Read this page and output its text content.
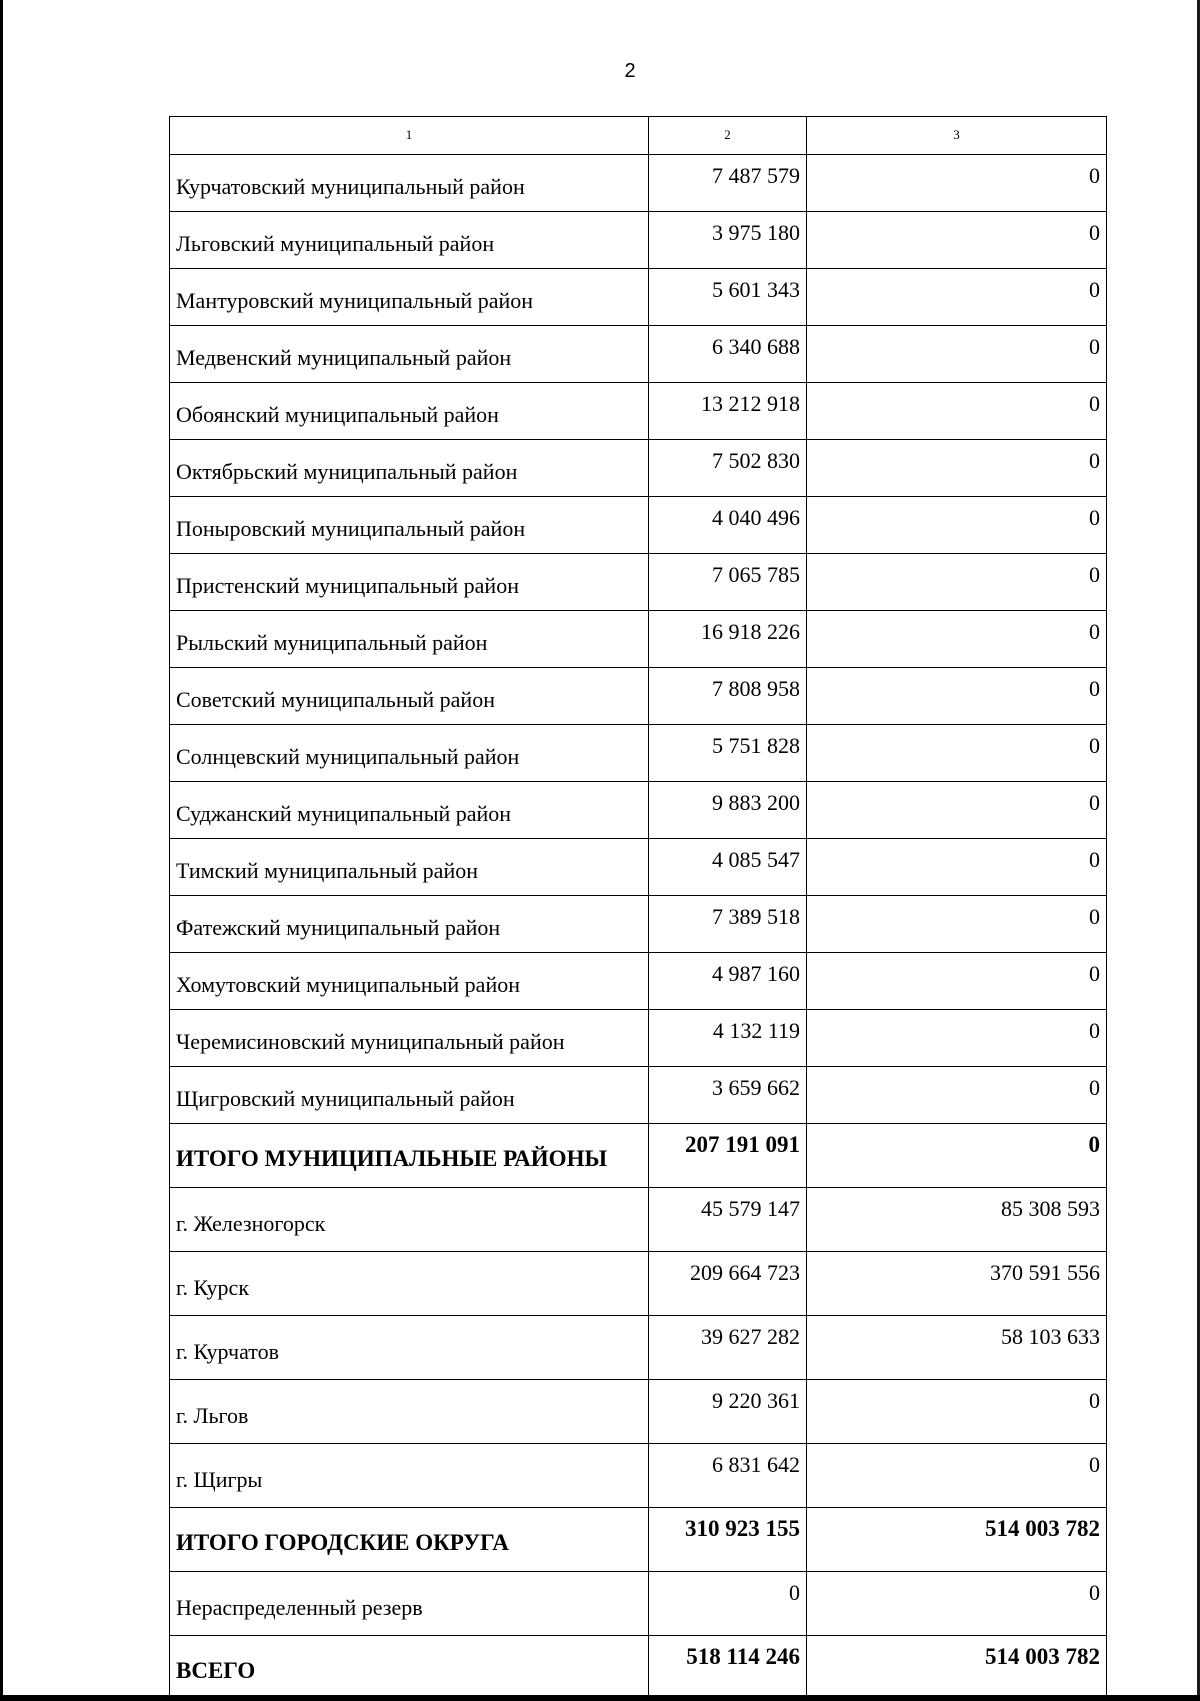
2
1	2	3
Курчатовский муниципальный район	7 487 579	0
Льговский муниципальный район	3 975 180	0
Мантуровский муниципальный район	5 601 343	0
Медвенский муниципальный район	6 340 688	0
Обоянский муниципальный район	13 212 918	0
Октябрьский муниципальный район	7 502 830	0
Поныровский муниципальный район	4 040 496	0
Пристенский муниципальный район	7 065 785	0
Рыльский муниципальный район	16 918 226	0
Советский муниципальный район	7 808 958	0
Солнцевский муниципальный район	5 751 828	0
Суджанский муниципальный район	9 883 200	0
Тимский муниципальный район	4 085 547	0
Фатежский муниципальный район	7 389 518	0
Хомутовский муниципальный район	4 987 160	0
Черемисиновский муниципальный район	4 132 119	0
Щигровский муниципальный район	3 659 662	0
ИТОГО МУНИЦИПАЛЬНЫЕ РАЙОНЫ	207 191 091	0
г. Железногорск	45 579 147	85 308 593
г. Курск	209 664 723	370 591 556
г. Курчатов	39 627 282	58 103 633
г. Льгов	9 220 361	0
г. Щигры	6 831 642	0
ИТОГО ГОРОДСКИЕ ОКРУГА	310 923 155	514 003 782
Нераспределенный резерв	0	0
ВСЕГО	518 114 246	514 003 782
